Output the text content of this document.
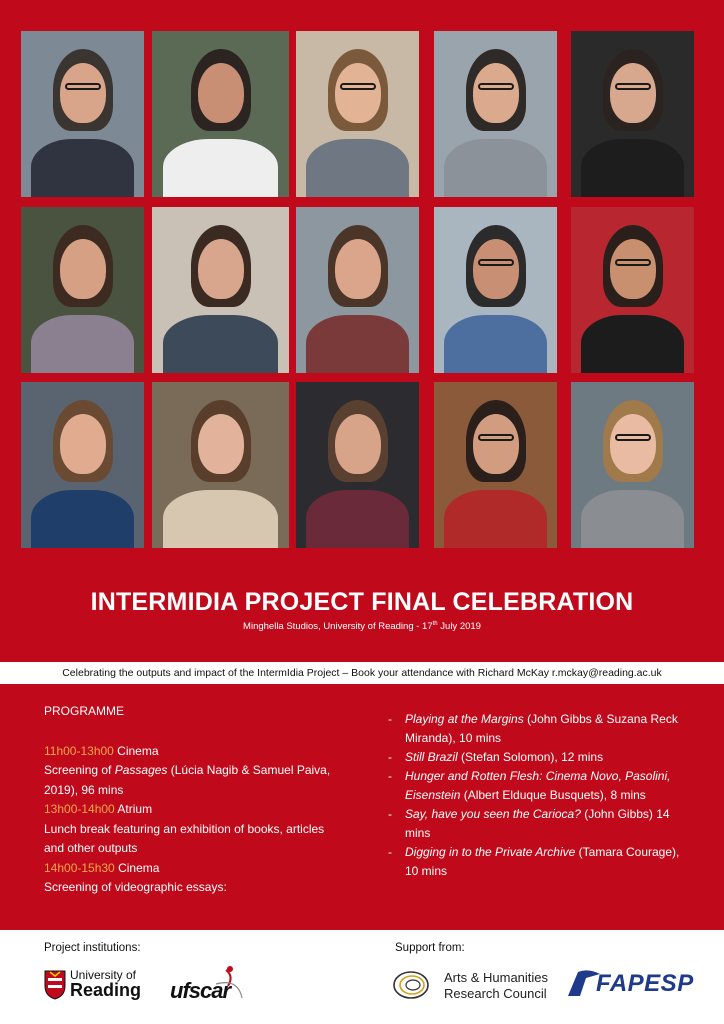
INTERMIDIA PROJECT FINAL CELEBRATION
Minghella Studios, University of Reading - 17th July 2019
Celebrating the outputs and impact of the IntermIdia Project – Book your attendance with Richard McKay r.mckay@reading.ac.uk
PROGRAMME
11h00-13h00 Cinema
Screening of Passages (Lúcia Nagib & Samuel Paiva, 2019), 96 mins
13h00-14h00 Atrium
Lunch break featuring an exhibition of books, articles and other outputs
14h00-15h30 Cinema
Screening of videographic essays:
- Playing at the Margins (John Gibbs & Suzana Reck Miranda), 10 mins
- Still Brazil (Stefan Solomon), 12 mins
- Hunger and Rotten Flesh: Cinema Novo, Pasolini, Eisenstein (Albert Elduque Busquets), 8 mins
- Say, have you seen the Carioca? (John Gibbs) 14 mins
- Digging in to the Private Archive (Tamara Courage), 10 mins
Project institutions:	Support from:
University of
Reading ufscar
Arts & Humanities
Research Council FAPESP
